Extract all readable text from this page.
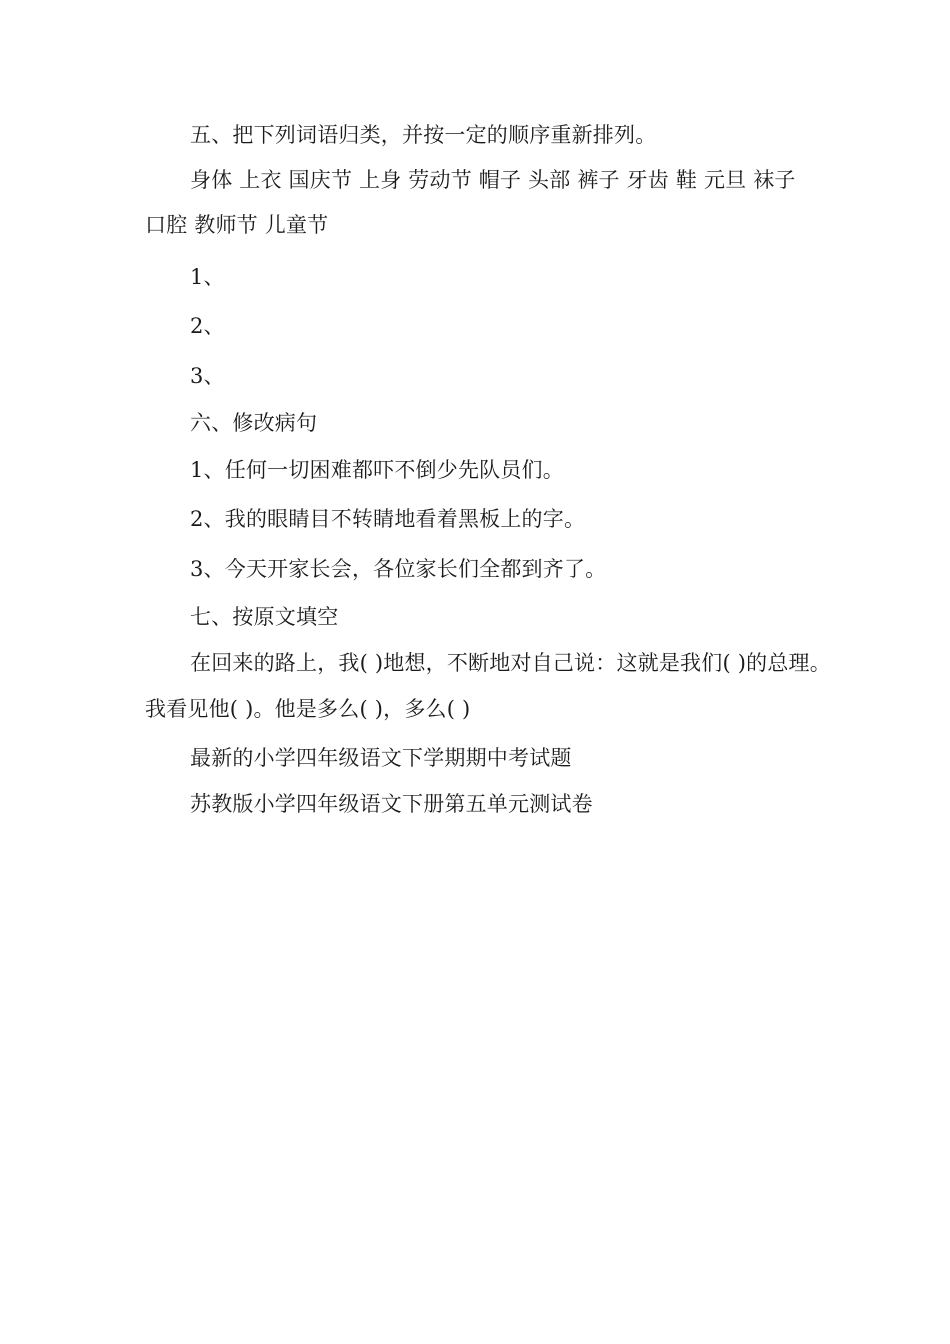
五、把下列词语归类，并按一定的顺序重新排列。
身体 上衣 国庆节 上身 劳动节 帽子 头部 裤子 牙齿 鞋 元旦 袜子
口腔 教师节 儿童节
1、
2、
3、
六、修改病句
1、任何一切困难都吓不倒少先队员们。
2、我的眼睛目不转睛地看着黑板上的字。
3、今天开家长会，各位家长们全都到齐了。
七、按原文填空
在回来的路上，我( )地想，不断地对自己说：这就是我们( )的总理。
我看见他( )。他是多么( )，多么( )
最新的小学四年级语文下学期期中考试题
苏教版小学四年级语文下册第五单元测试卷
